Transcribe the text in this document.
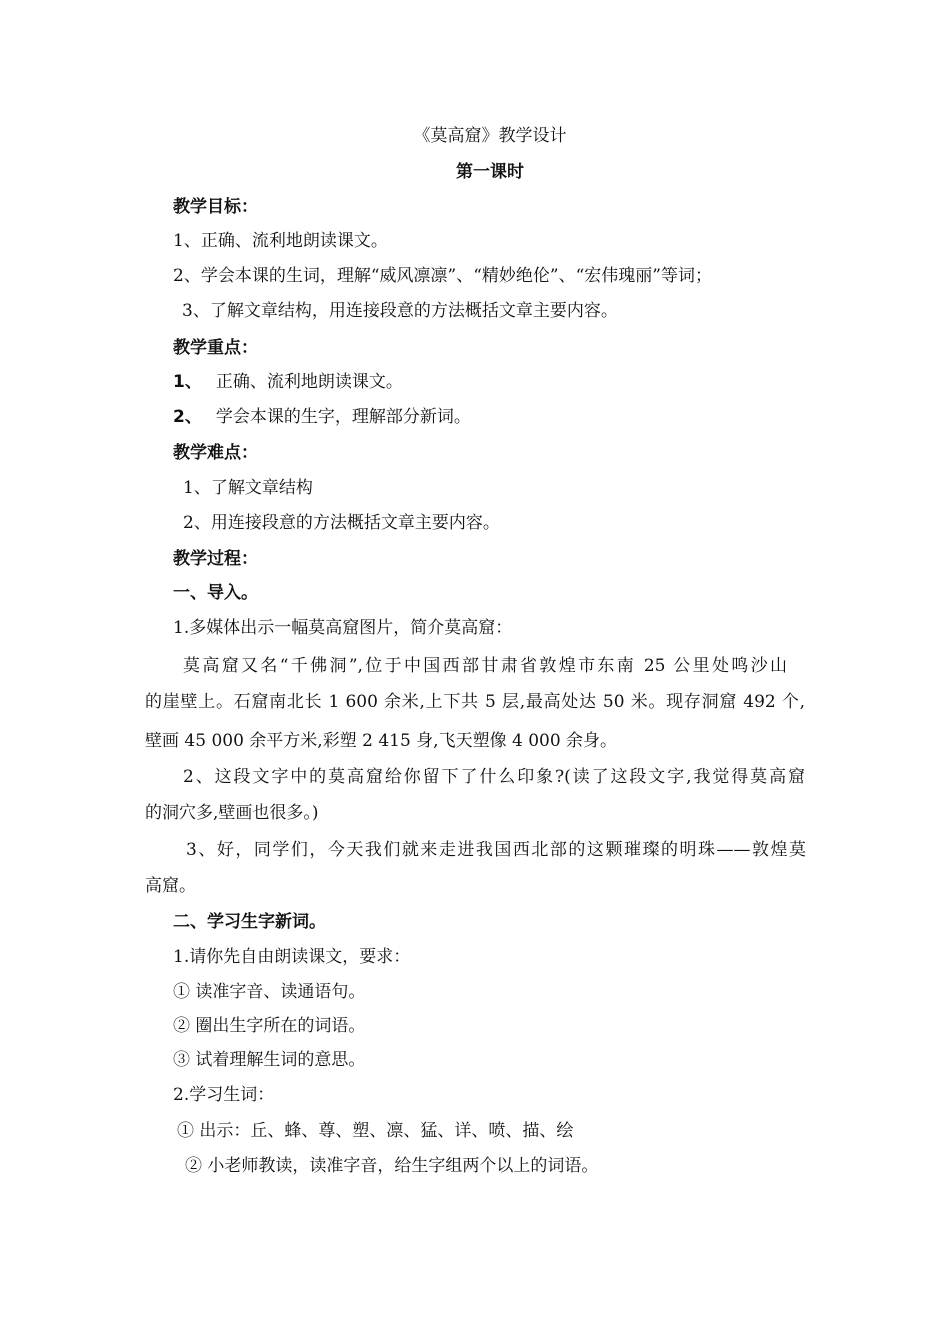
《莫高窟》教学设计
第一课时
教学目标：
1、正确、流利地朗读课文。
2、学会本课的生词，理解“威风凛凛”、“精妙绝伦”、“宏伟瑰丽”等词；
3、了解文章结构，用连接段意的方法概括文章主要内容。
教学重点：
1、 正确、流利地朗读课文。
2、 学会本课的生字，理解部分新词。
教学难点：
1、了解文章结构
2、用连接段意的方法概括文章主要内容。
教学过程：
一、导入。
1.多媒体出示一幅莫高窟图片，简介莫高窟：
莫高窟又名“千佛洞”,位于中国西部甘肃省敦煌市东南 25 公里处鸣沙山
的崖壁上。石窟南北长 1 600 余米,上下共 5 层,最高处达 50 米。现存洞窟 492 个,
壁画 45 000 余平方米,彩塑 2 415 身,飞天塑像 4 000 余身。
2、这段文字中的莫高窟给你留下了什么印象?(读了这段文字,我觉得莫高窟
的洞穴多,壁画也很多。)
3、好，同学们，今天我们就来走进我国西北部的这颗璀璨的明珠——敦煌莫
高窟。
二、学习生字新词。
1.请你先自由朗读课文，要求：
① 读准字音、读通语句。
② 圈出生字所在的词语。
③ 试着理解生词的意思。
2.学习生词：
① 出示：丘、蜂、尊、塑、凛、猛、详、喷、描、绘
② 小老师教读，读准字音，给生字组两个以上的词语。
